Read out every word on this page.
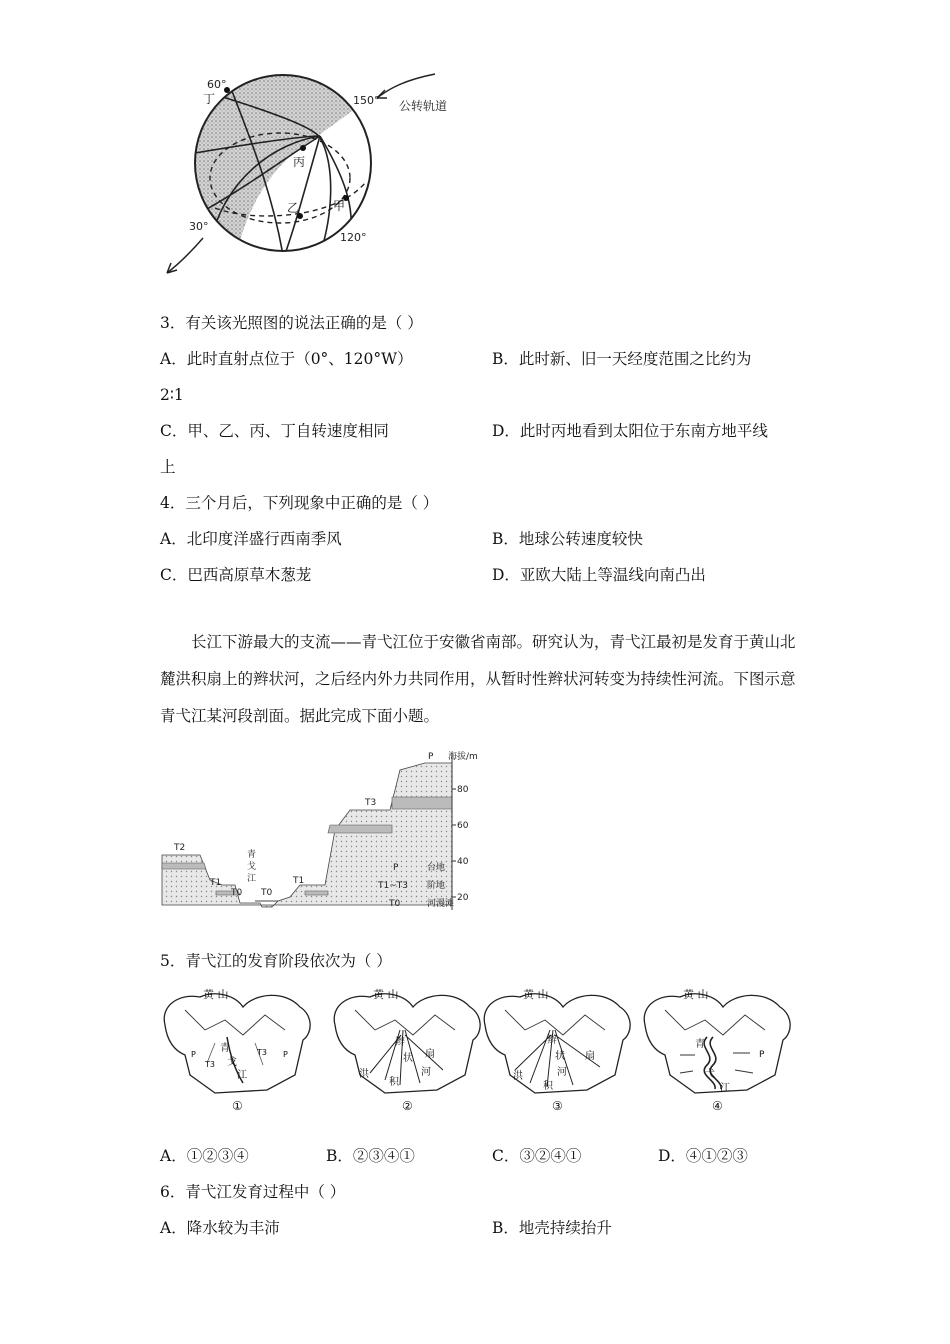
60°
丁	150° 公转轨道
丙
甲
乙
30°
120°
3．有关该光照图的说法正确的是（ ）
A．此时直射点位于（0°、120°W）	B．此时新、旧一天经度范围之比约为
2∶1
C．甲、乙、丙、丁自转速度相同	D．此时丙地看到太阳位于东南方地平线
上
4．三个月后，下列现象中正确的是（ ）
A．北印度洋盛行西南季风	B．地球公转速度较快
C．巴西高原草木葱茏	D．亚欧大陆上等温线向南凸出
长江下游最大的支流——青弋江位于安徽省南部。研究认为，青弋江最初是发育于黄山北麓洪积扇上的辫状河，之后经内外力共同作用，从暂时性辫状河转变为持续性河流。下图示意青弋江某河段剖面。据此完成下面小题。
80
60
40
20
P 海拔/m
T3
T2
青
戈
江
T1
T0 T0
T1
P	台地
T1~T3 阶地
T0	河漫滩
5．青弋江的发育阶段依次为（ ）
黄 山
青
戈
江
T3
T3
P	P
①
黄 山
辫
状
河
洪
积
扇
②
黄 山
辫
状
河
洪
积
扇
③
黄 山
青
弋
江
P
④
A．①②③④	B．②③④①	C．③②④①	D．④①②③
6．青弋江发育过程中（ ）
A．降水较为丰沛	B．地壳持续抬升
